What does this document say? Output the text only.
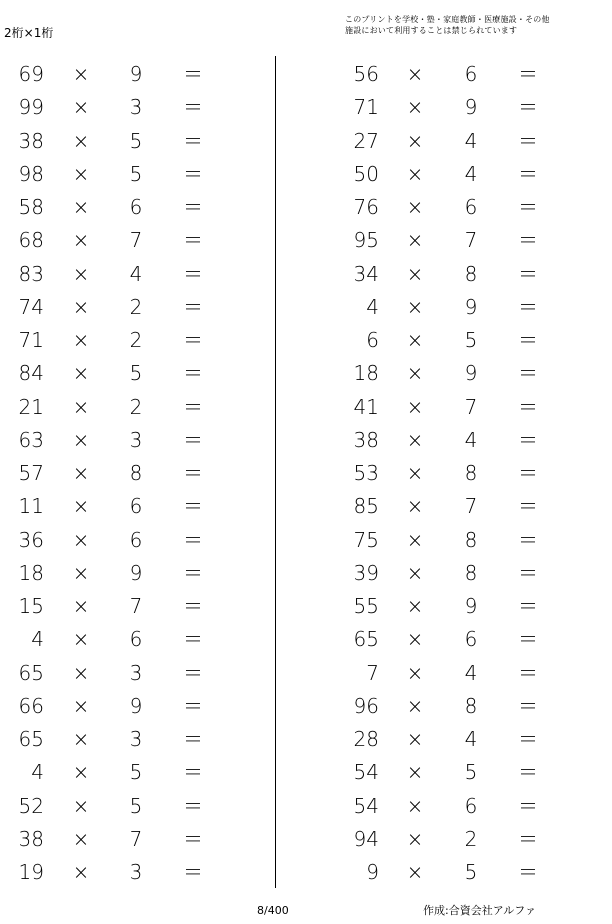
2桁×1桁
このプリントを学校・塾・家庭教師・医療施設・その他
施設において利用することは禁じられています
69 × 9 ＝
99 × 3 ＝
38 × 5 ＝
98 × 5 ＝
58 × 6 ＝
68 × 7 ＝
83 × 4 ＝
74 × 2 ＝
71 × 2 ＝
84 × 5 ＝
21 × 2 ＝
63 × 3 ＝
57 × 8 ＝
11 × 6 ＝
36 × 6 ＝
18 × 9 ＝
15 × 7 ＝
4 × 6 ＝
65 × 3 ＝
66 × 9 ＝
65 × 3 ＝
4 × 5 ＝
52 × 5 ＝
38 × 7 ＝
19 × 3 ＝
56 × 6 ＝
71 × 9 ＝
27 × 4 ＝
50 × 4 ＝
76 × 6 ＝
95 × 7 ＝
34 × 8 ＝
4 × 9 ＝
6 × 5 ＝
18 × 9 ＝
41 × 7 ＝
38 × 4 ＝
53 × 8 ＝
85 × 7 ＝
75 × 8 ＝
39 × 8 ＝
55 × 9 ＝
65 × 6 ＝
7 × 4 ＝
96 × 8 ＝
28 × 4 ＝
54 × 5 ＝
54 × 6 ＝
94 × 2 ＝
9 × 5 ＝
8/400	作成:合資会社アルファ
